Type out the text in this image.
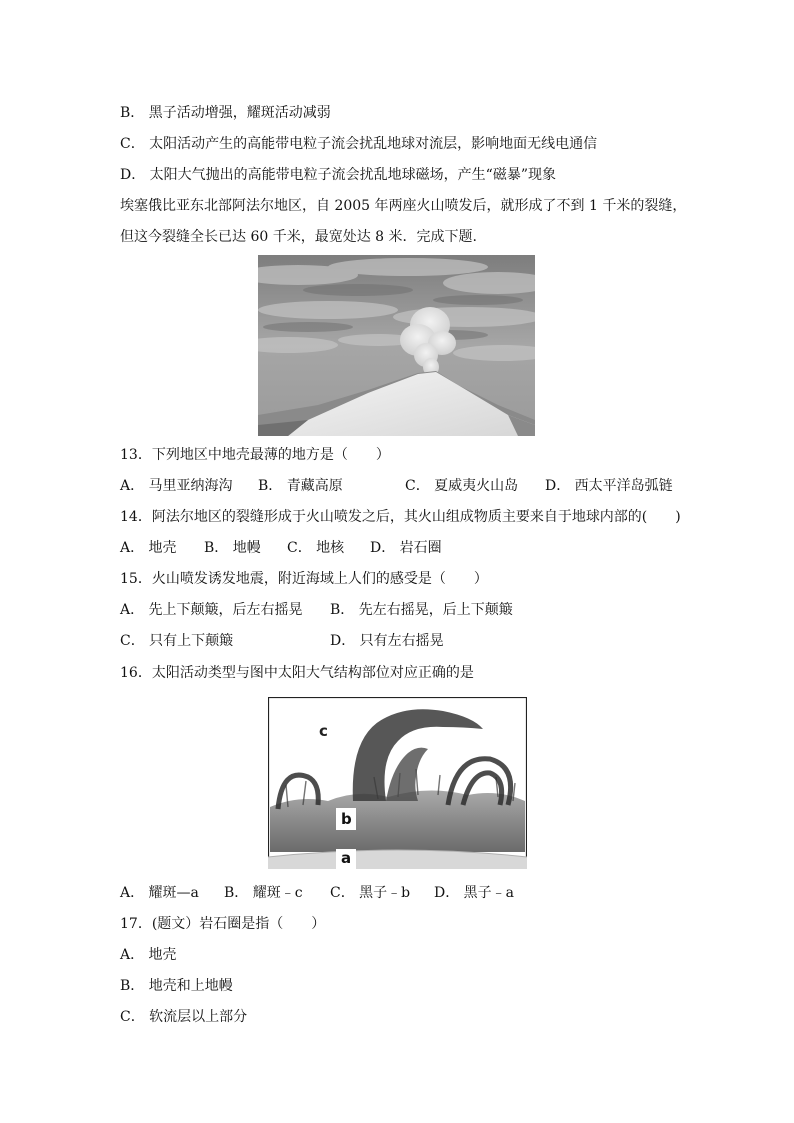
B． 黑子活动增强，耀斑活动减弱
C． 太阳活动产生的高能带电粒子流会扰乱地球对流层，影响地面无线电通信
D． 太阳大气抛出的高能带电粒子流会扰乱地球磁场，产生“磁暴”现象
埃塞俄比亚东北部阿法尔地区，自 2005 年两座火山喷发后，就形成了不到 1 千米的裂缝，
但这今裂缝全长已达 60 千米，最宽处达 8 米．完成下题.
13．下列地区中地壳最薄的地方是（　　）
A． 马里亚纳海沟 B． 青藏高原	C． 夏威夷火山岛 D． 西太平洋岛弧链
14．阿法尔地区的裂缝形成于火山喷发之后，其火山组成物质主要来自于地球内部的(　　)
A． 地壳 B． 地幔 C． 地核 D． 岩石圈
15．火山喷发诱发地震，附近海域上人们的感受是（　　）
A． 先上下颠簸，后左右摇晃 B． 先左右摇晃，后上下颠簸
C． 只有上下颠簸	D． 只有左右摇晃
16．太阳活动类型与图中太阳大气结构部位对应正确的是
c
b
a
A． 耀斑—a B． 耀斑﹣c C． 黑子﹣b D． 黑子﹣a
17．(题文）岩石圈是指（　　）
A． 地壳
B． 地壳和上地幔
C． 软流层以上部分
